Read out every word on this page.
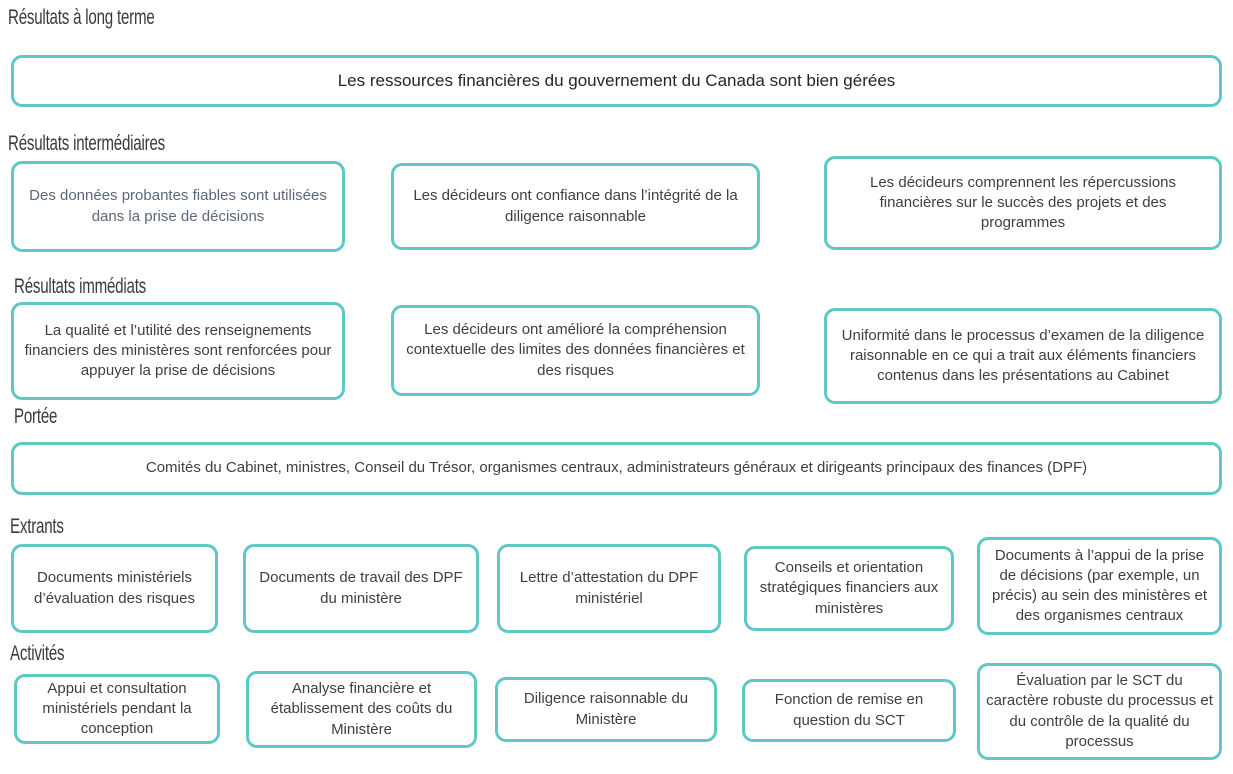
Résultats à long terme
Les ressources financières du gouvernement du Canada sont bien gérées
Résultats intermédiaires
Des données probantes fiables sont utilisées dans la prise de décisions
Les décideurs ont confiance dans l’intégrité de la diligence raisonnable
Les décideurs comprennent les répercussions financières sur le succès des projets et des programmes
Résultats immédiats
La qualité et l’utilité des renseignements financiers des ministères sont renforcées pour appuyer la prise de décisions
Les décideurs ont amélioré la compréhension contextuelle des limites des données financières et des risques
Uniformité dans le processus d’examen de la diligence raisonnable en ce qui a trait aux éléments financiers contenus dans les présentations au Cabinet
Portée
Comités du Cabinet, ministres, Conseil du Trésor, organismes centraux, administrateurs généraux et dirigeants principaux des finances (DPF)
Extrants
Documents ministériels d’évaluation des risques
Documents de travail des DPF du ministère
Lettre d’attestation du DPF ministériel
Conseils et orientation stratégiques financiers aux ministères
Documents à l’appui de la prise de décisions (par exemple, un précis) au sein des ministères et des organismes centraux
Activités
Appui et consultation ministériels pendant la conception
Analyse financière et établissement des coûts du Ministère
Diligence raisonnable du Ministère
Fonction de remise en question du SCT
Évaluation par le SCT du caractère robuste du processus et du contrôle de la qualité du processus
